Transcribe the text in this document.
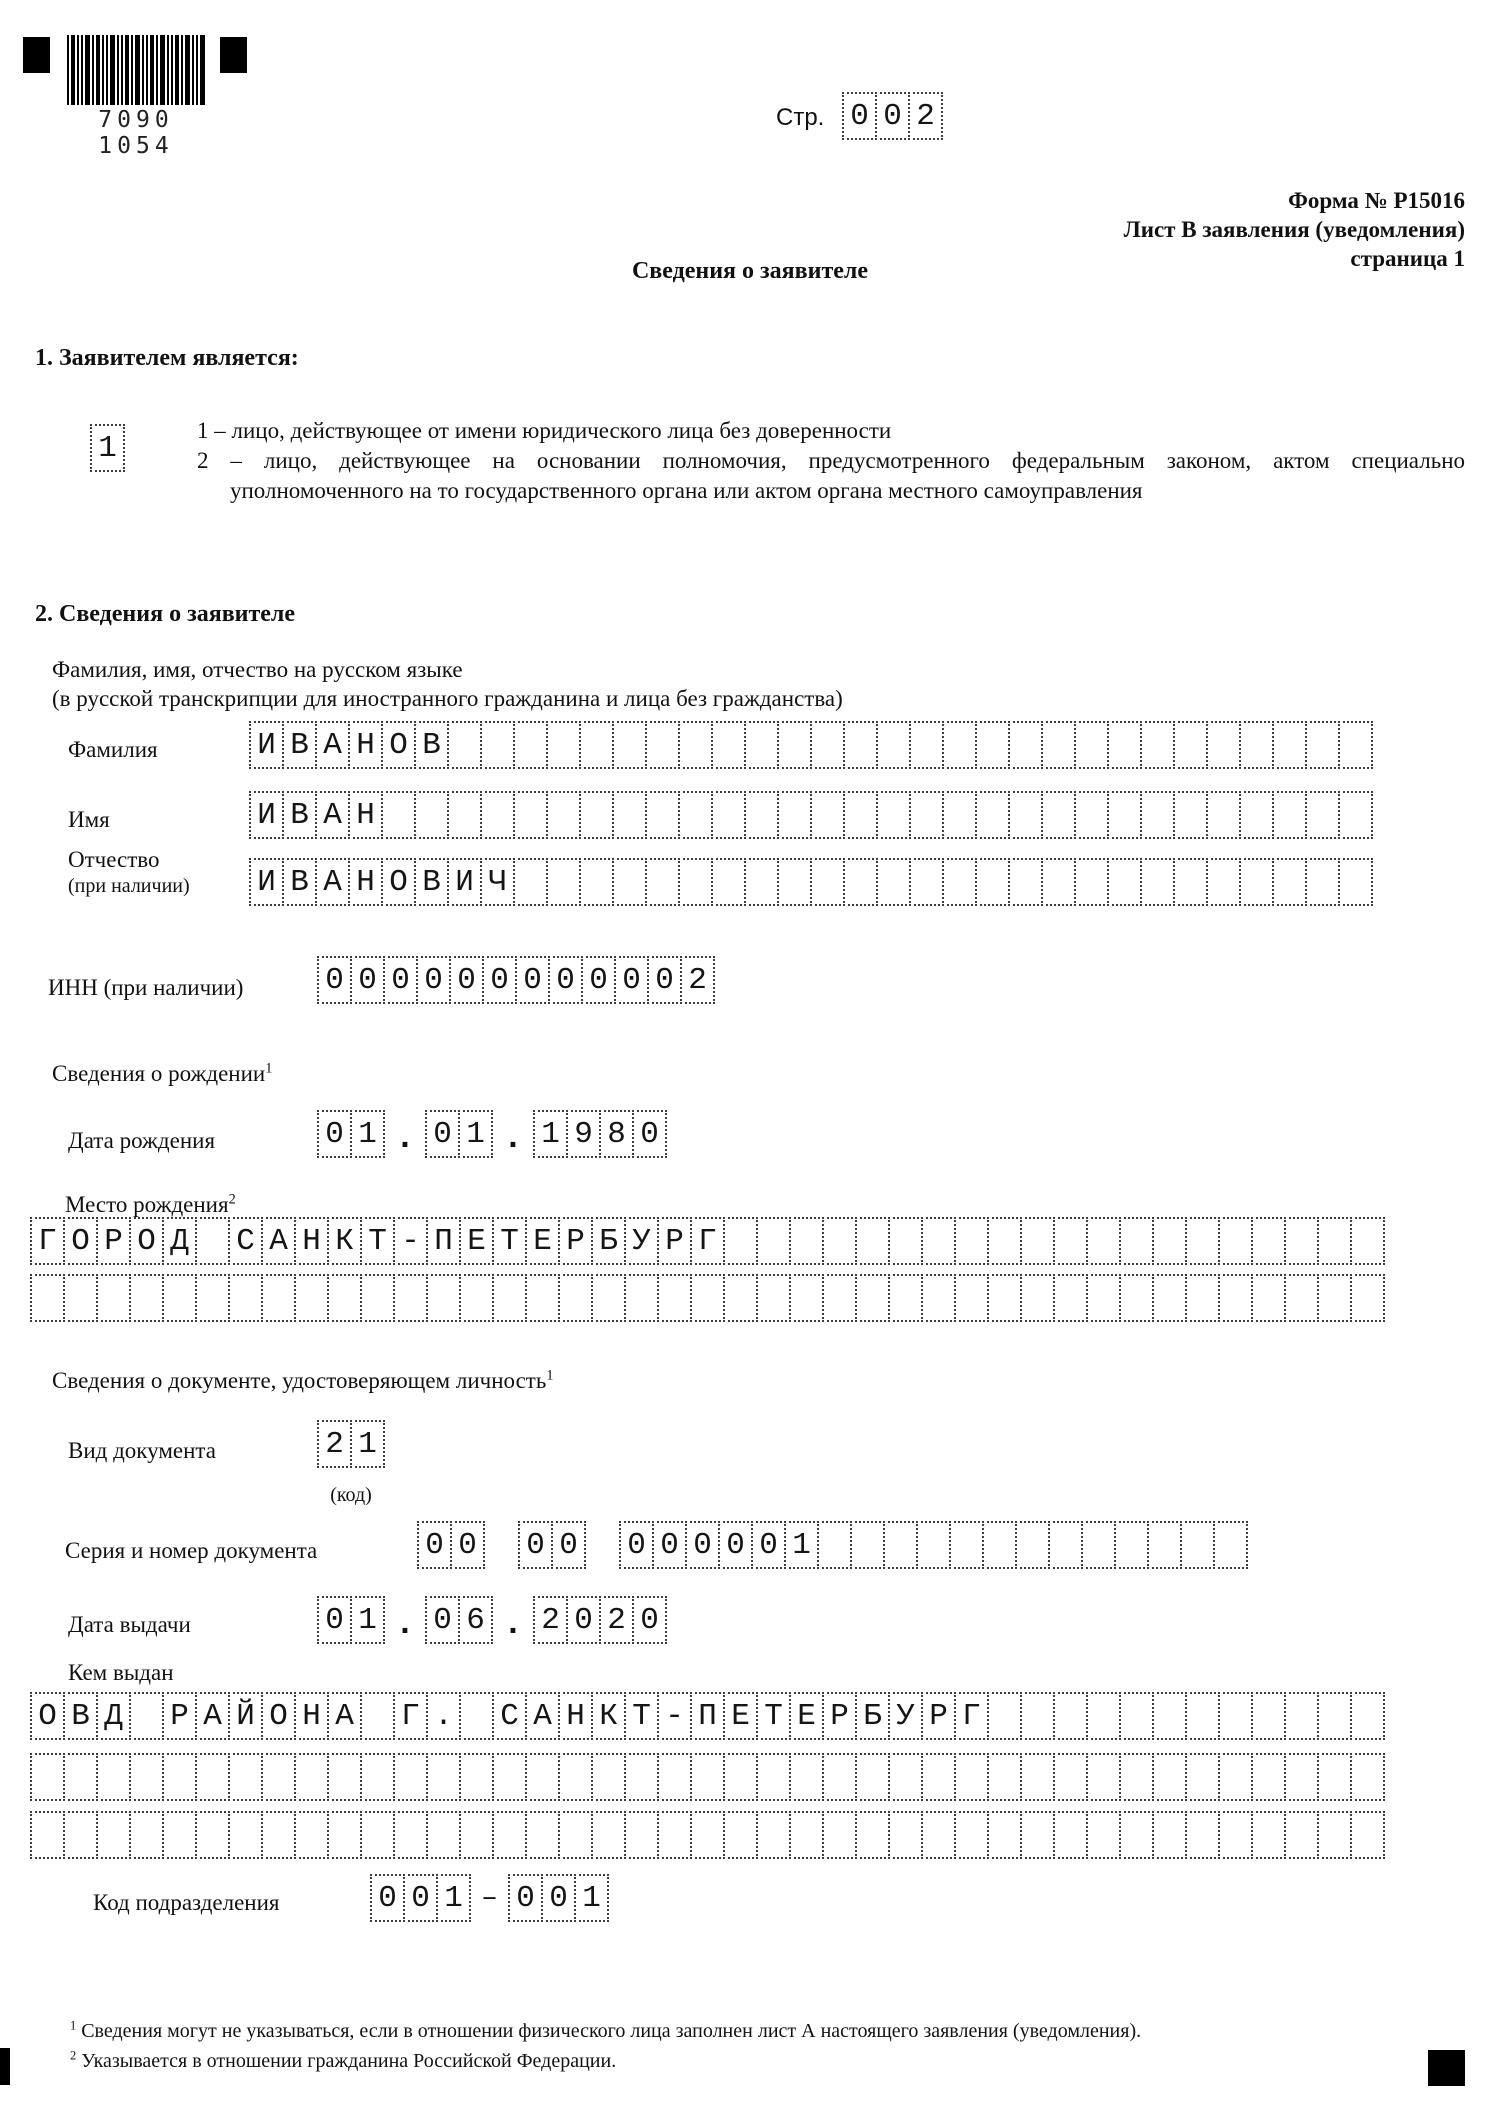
7090 1054
Стр. 0 0 2
Форма № Р15016
Лист В заявления (уведомления)
страница 1
Сведения о заявителе
1. Заявителем является:
1	1 – лицо, действующее от имени юридического лица без доверенности
2 – лицо, действующее на основании полномочия, предусмотренного федеральным законом, актом специально
уполномоченного на то государственного органа или актом органа местного самоуправления
2. Сведения о заявителе
Фамилия, имя, отчество на русском языке
(в русской транскрипции для иностранного гражданина и лица без гражданства)
Фамилия	И В А Н О В
Имя	И В А Н
Отчество
(при наличии) И В А Н О В И Ч
ИНН (при наличии)	0 0 0 0 0 0 0 0 0 0 0 2
Сведения о рождении$^1$
Дата рождения	0 1 . 0 1 . 1 9 8 0
Место рождения$^2$
Г О Р О Д С А Н К Т - П Е Т Е Р Б У Р Г
Сведения о документе, удостоверяющем личность$^1$
Вид документа	2 1
(код)
Серия и номер документа	0 0 0 0 0 0 0 0 0 1
Дата выдачи	0 1 . 0 6 . 2 0 2 0
Кем выдан
О В Д Р А Й О Н А Г . С А Н К Т - П Е Т Е Р Б У Р Г
Код подразделения	0 0 1 – 0 0 1
$^1$ Сведения могут не указываться, если в отношении физического лица заполнен лист А настоящего заявления (уведомления).
$^2$ Указывается в отношении гражданина Российской Федерации.
